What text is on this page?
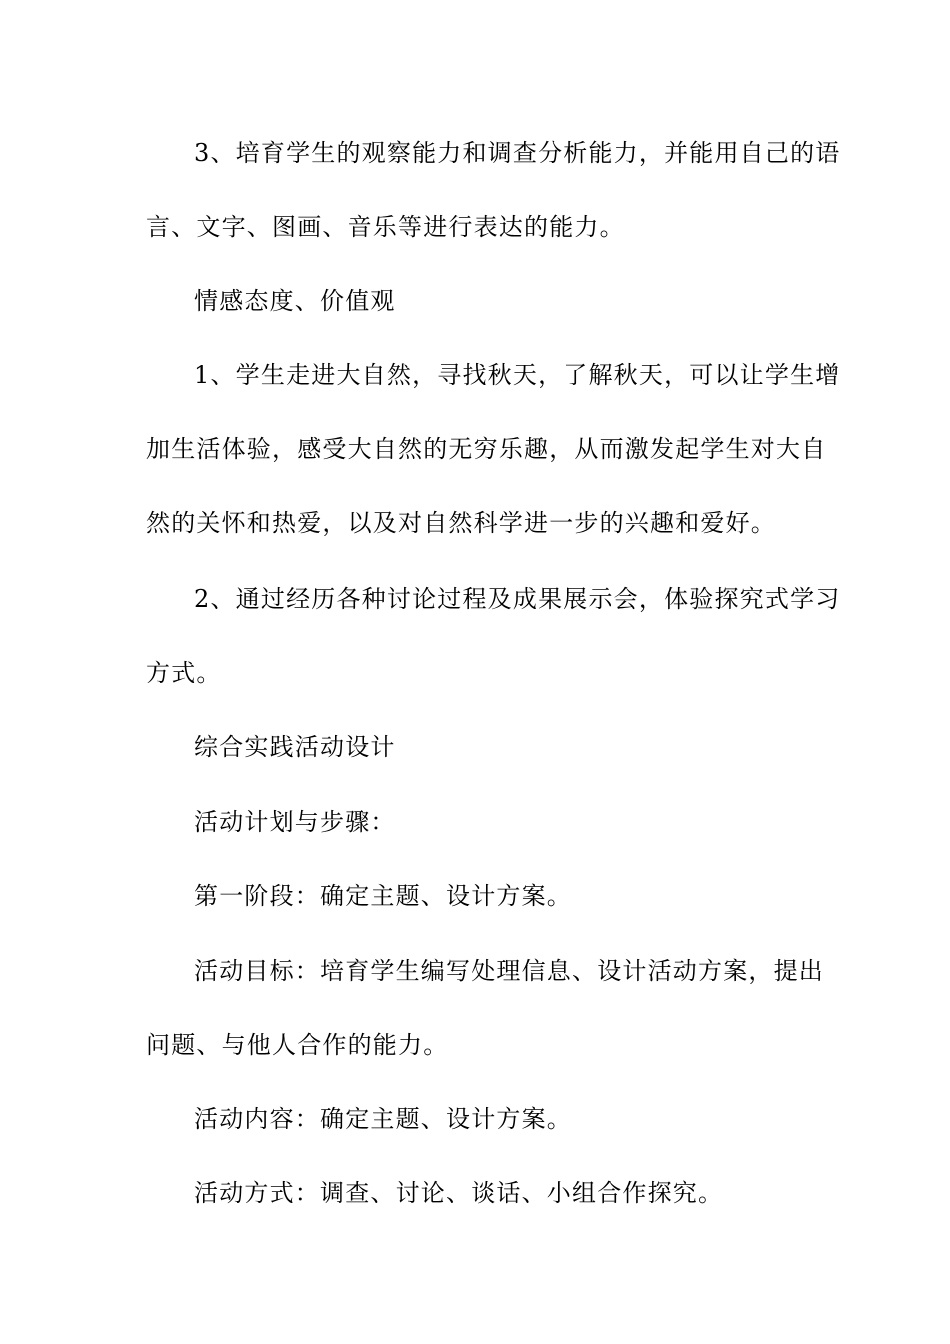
3、培育学生的观察能力和调查分析能力，并能用自己的语
言、文字、图画、音乐等进行表达的能力。
情感态度、价值观
1、学生走进大自然，寻找秋天，了解秋天，可以让学生增
加生活体验，感受大自然的无穷乐趣，从而激发起学生对大自
然的关怀和热爱，以及对自然科学进一步的兴趣和爱好。
2、通过经历各种讨论过程及成果展示会，体验探究式学习
方式。
综合实践活动设计
活动计划与步骤：
第一阶段：确定主题、设计方案。
活动目标：培育学生编写处理信息、设计活动方案，提出
问题、与他人合作的能力。
活动内容：确定主题、设计方案。
活动方式：调查、讨论、谈话、小组合作探究。
